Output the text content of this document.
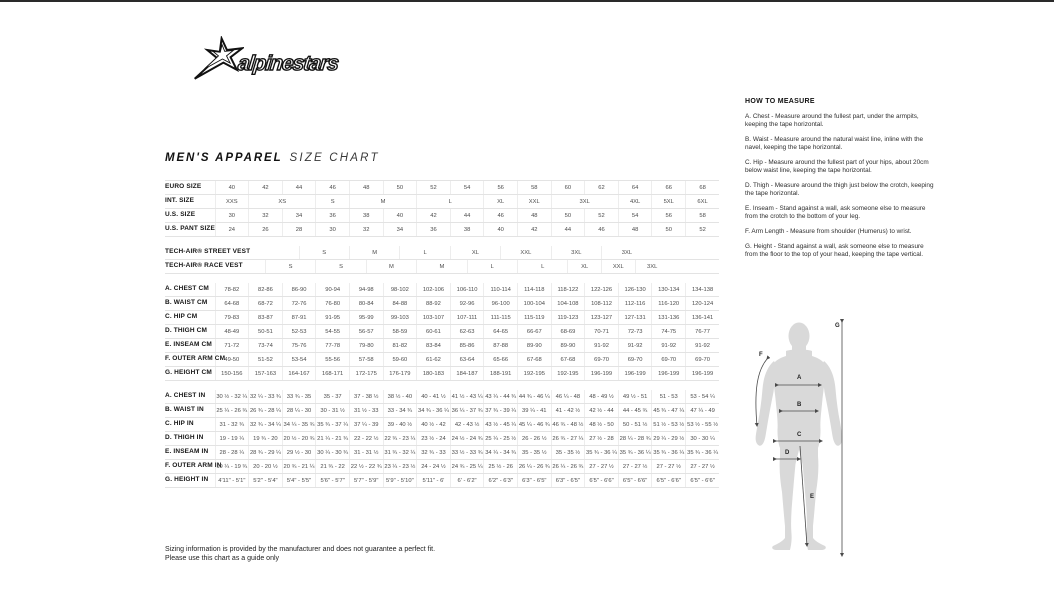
alpinestars
MEN'S APPAREL SIZE CHART
EURO SIZE	40	42		44		46	48		50		52	54		56		58	60		62		64		66		68
INT. SIZE	XXS	XS				S	M				L			XL		XXL	3XL				4XL		5XL		6XL
U.S. SIZE	30	32		34		36	38		40		42	44		46		48	50		52		54		56		58
U.S. PANT SIZE	24	26		28		30	32		34		36	38		40		42	44		46		48		50		52

TECH-AIR® STREET VEST					S		M			L		XL			XXL		3XL			3XL					
TECH-AIR® RACE VEST			S			S		M			M		L			L		XL		XXL		3XL			

A. CHEST CM	78-82	82-86		86-90		90-94	94-98		98-102		102-106	106-110		110-114		114-118	118-122		122-126		126-130		130-134		134-138
B. WAIST CM	64-68	68-72		72-76		76-80	80-84		84-88		88-92	92-96		96-100		100-104	104-108		108-112		112-116		116-120		120-124
C. HIP CM	79-83	83-87		87-91		91-95	95-99		99-103		103-107	107-111		111-115		115-119	119-123		123-127		127-131		131-136		136-141
D. THIGH CM	48-49	50-51		52-53		54-55	56-57		58-59		60-61	62-63		64-65		66-67	68-69		70-71		72-73		74-75		76-77
E. INSEAM CM	71-72	73-74		75-76		77-78	79-80		81-82		83-84	85-86		87-88		89-90	89-90		91-92		91-92		91-92		91-92
F. OUTER ARM CM	49-50	51-52		53-54		55-56	57-58		59-60		61-62	63-64		65-66		67-68	67-68		69-70		69-70		69-70		69-70
G. HEIGHT CM	150-156	157-163		164-167		168-171	172-175		176-179		180-183	184-187		188-191		192-195	192-195		196-199		196-199		196-199		196-199

A. CHEST IN	30 ½ - 32 ¼	32 ¼ - 33 ¾		33 ¾ - 35		35 - 37	37 - 38 ½		38 ½ - 40		40 - 41 ½	41 ½ - 43 ¼		43 ¼ - 44 ¾		44 ¾ - 46 ¼	46 ¼ - 48		48 - 49 ½		49 ½ - 51		51 - 53		53 - 54 ¼
B. WAIST IN	25 ¼ - 26 ¾	26 ¾ - 28 ¼		28 ¼ - 30		30 - 31 ½	31 ½ - 33		33 - 34 ¾		34 ¾ - 36 ¼	36 ¼ - 37 ¾		37 ¾ - 39 ¼		39 ¼ - 41	41 - 42 ½		42 ½ - 44		44 - 45 ¾		45 ¾ - 47 ¼		47 ¼ - 49
C. HIP IN	31 - 32 ¾	32 ¾ - 34 ¼		34 ¼ - 35 ¾		35 ¾ - 37 ¼	37 ¼ - 39		39 - 40 ½		40 ½ - 42	42 - 43 ½		43 ½ - 45 ¼		45 ¼ - 46 ¾	46 ¾ - 48 ½		48 ½ - 50		50 - 51 ½		51 ½ - 53 ½		53 ½ - 55 ½
D. THIGH IN	19 - 19 ¼	19 ¾ - 20		20 ½ - 20 ¾		21 ¼ - 21 ¾	22 - 22 ½		22 ¾ - 23 ¼		23 ½ - 24	24 ½ - 24 ¾		25 ¼ - 25 ½		26 - 26 ½	26 ¾ - 27 ¼		27 ½ - 28		28 ¼ - 28 ¾		29 ¼ - 29 ½		30 - 30 ¼
E. INSEAM IN	28 - 28 ¼	28 ¾ - 29 ¼		29 ½ - 30		30 ¼ - 30 ¾	31 - 31 ½		31 ¾ - 32 ¼		32 ¾ - 33	33 ½ - 33 ¾		34 ¼ - 34 ¾		35 - 35 ½	35 - 35 ½		35 ¾ - 36 ¼		35 ¾ - 36 ¼		35 ¾ - 36 ¼		35 ¾ - 36 ¼
F. OUTER ARM IN	19 ¼ - 19 ¾	20 - 20 ½		20 ¾ - 21 ¼		21 ¾ - 22	22 ½ - 22 ¾		23 ¼ - 23 ½		24 - 24 ½	24 ¾ - 25 ¼		25 ½ - 26		26 ¼ - 26 ¾	26 ¼ - 26 ¾		27 - 27 ½		27 - 27 ½		27 - 27 ½		27 - 27 ½
G. HEIGHT IN	4'11" - 5'1"	5'2" - 5'4"		5'4" - 5'5"		5'6" - 5'7"	5'7" - 5'9"		5'9" - 5'10"		5'11" - 6'	6' - 6'2"		6'2" - 6'3"		6'3" - 6'5"	6'3" - 6'5"		6'5" - 6'6"		6'5" - 6'6"		6'5" - 6'6"		6'5" - 6'6"
HOW TO MEASURE

A. Chest - Measure around the fullest part, under the armpits, keeping the tape horizontal.

B. Waist - Measure around the natural waist line, inline with the navel, keeping the tape horizontal.

C. Hip - Measure around the fullest part of your hips, about 20cm below waist line, keeping the tape horizontal.

D. Thigh - Measure around the thigh just below the crotch, keeping the tape horizontal.

E. Inseam - Stand against a wall, ask someone else to measure from the crotch to the bottom of your leg.

F. Arm Length - Measure from shoulder (Humerus) to wrist.

G. Height - Stand against a wall, ask someone else to measure from the floor to the top of your head, keeping the tape vertical.

A
B
C
D
E
F
G
Sizing information is provided by the manufacturer and does not guarantee a perfect fit.
Please use this chart as a guide only
